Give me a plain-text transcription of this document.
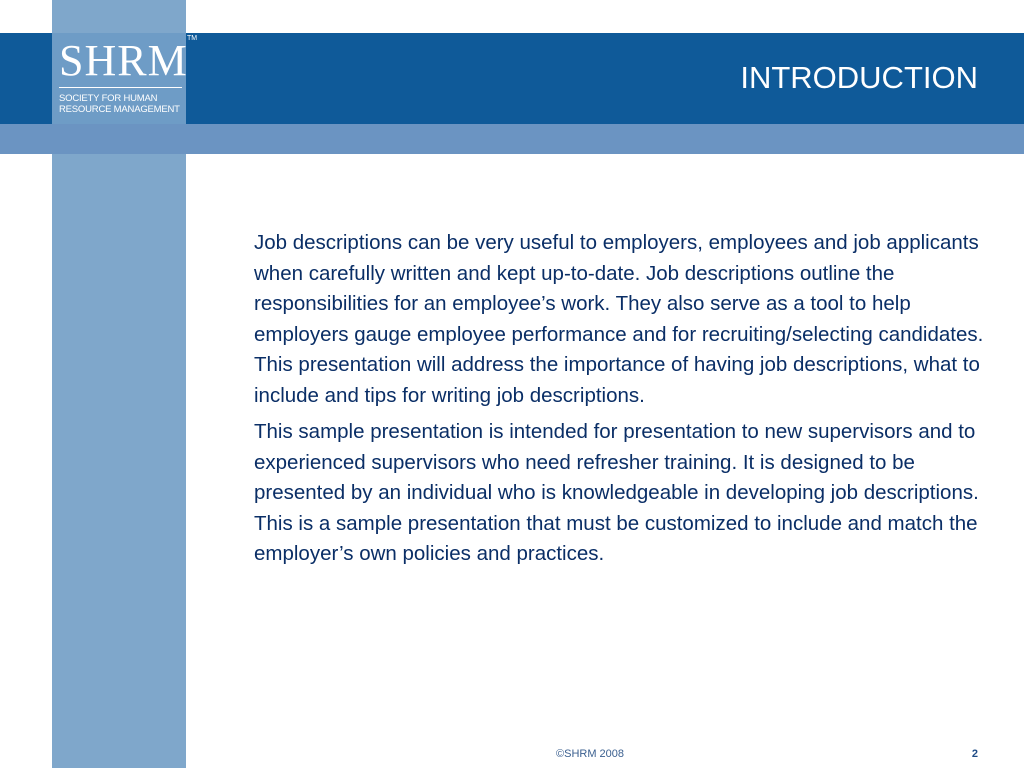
SHRM TM
SOCIETY FOR HUMAN
RESOURCE MANAGEMENT
INTRODUCTION

Job descriptions can be very useful to employers, employees and job applicants when carefully written and kept up-to-date. Job descriptions outline the responsibilities for an employee’s work. They also serve as a tool to help employers gauge employee performance and for recruiting/selecting candidates. This presentation will address the importance of having job descriptions, what to include and tips for writing job descriptions.

This sample presentation is intended for presentation to new supervisors and to experienced supervisors who need refresher training. It is designed to be presented by an individual who is knowledgeable in developing job descriptions. This is a sample presentation that must be customized to include and match the employer’s own policies and practices.

©SHRM 2008	2
